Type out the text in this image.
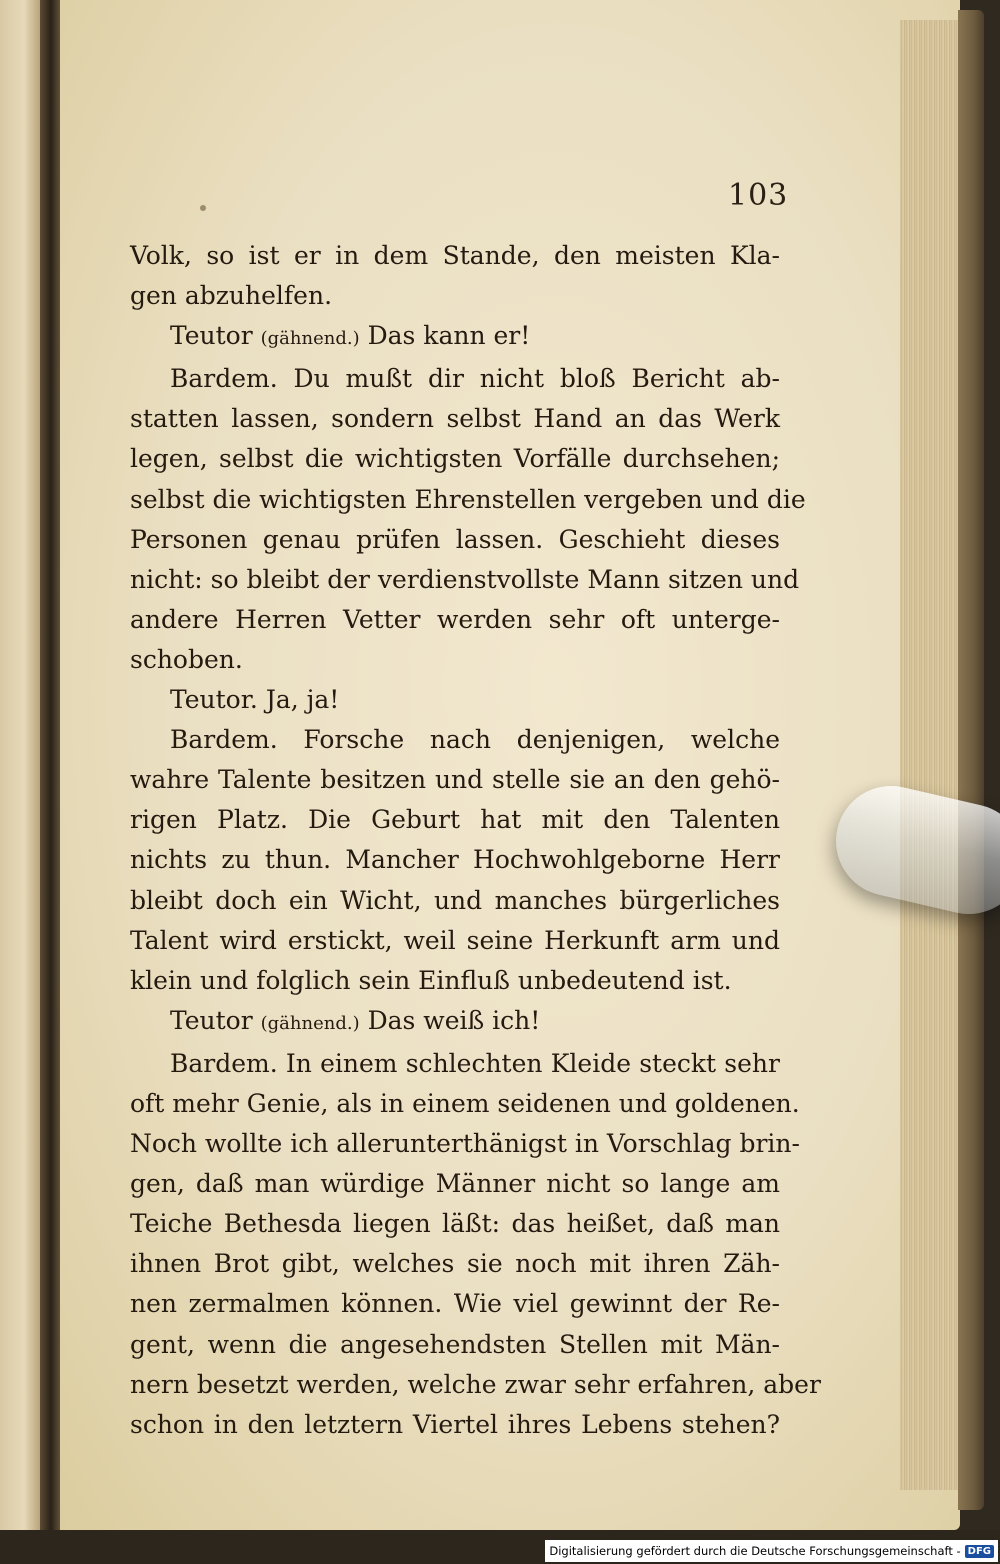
103
Volk, so ist er in dem Stande, den meisten Kla-
gen abzuhelfen.
Teutor (gähnend.) Das kann er!
Bardem. Du mußt dir nicht bloß Bericht ab-
statten lassen, sondern selbst Hand an das Werk
legen, selbst die wichtigsten Vorfälle durchsehen;
selbst die wichtigsten Ehrenstellen vergeben und die
Personen genau prüfen lassen. Geschieht dieses
nicht: so bleibt der verdienstvollste Mann sitzen und
andere Herren Vetter werden sehr oft unterge-
schoben.
Teutor. Ja, ja!
Bardem. Forsche nach denjenigen, welche
wahre Talente besitzen und stelle sie an den gehö-
rigen Platz. Die Geburt hat mit den Talenten
nichts zu thun. Mancher Hochwohlgeborne Herr
bleibt doch ein Wicht, und manches bürgerliches
Talent wird erstickt, weil seine Herkunft arm und
klein und folglich sein Einfluß unbedeutend ist.
Teutor (gähnend.) Das weiß ich!
Bardem. In einem schlechten Kleide steckt sehr
oft mehr Genie, als in einem seidenen und goldenen.
Noch wollte ich allerunterthänigst in Vorschlag brin-
gen, daß man würdige Männer nicht so lange am
Teiche Bethesda liegen läßt: das heißet, daß man
ihnen Brot gibt, welches sie noch mit ihren Zäh-
nen zermalmen können. Wie viel gewinnt der Re-
gent, wenn die angesehendsten Stellen mit Män-
nern besetzt werden, welche zwar sehr erfahren, aber
schon in den letztern Viertel ihres Lebens stehen?
Digitalisierung gefördert durch die Deutsche Forschungsgemeinschaft - DFG
